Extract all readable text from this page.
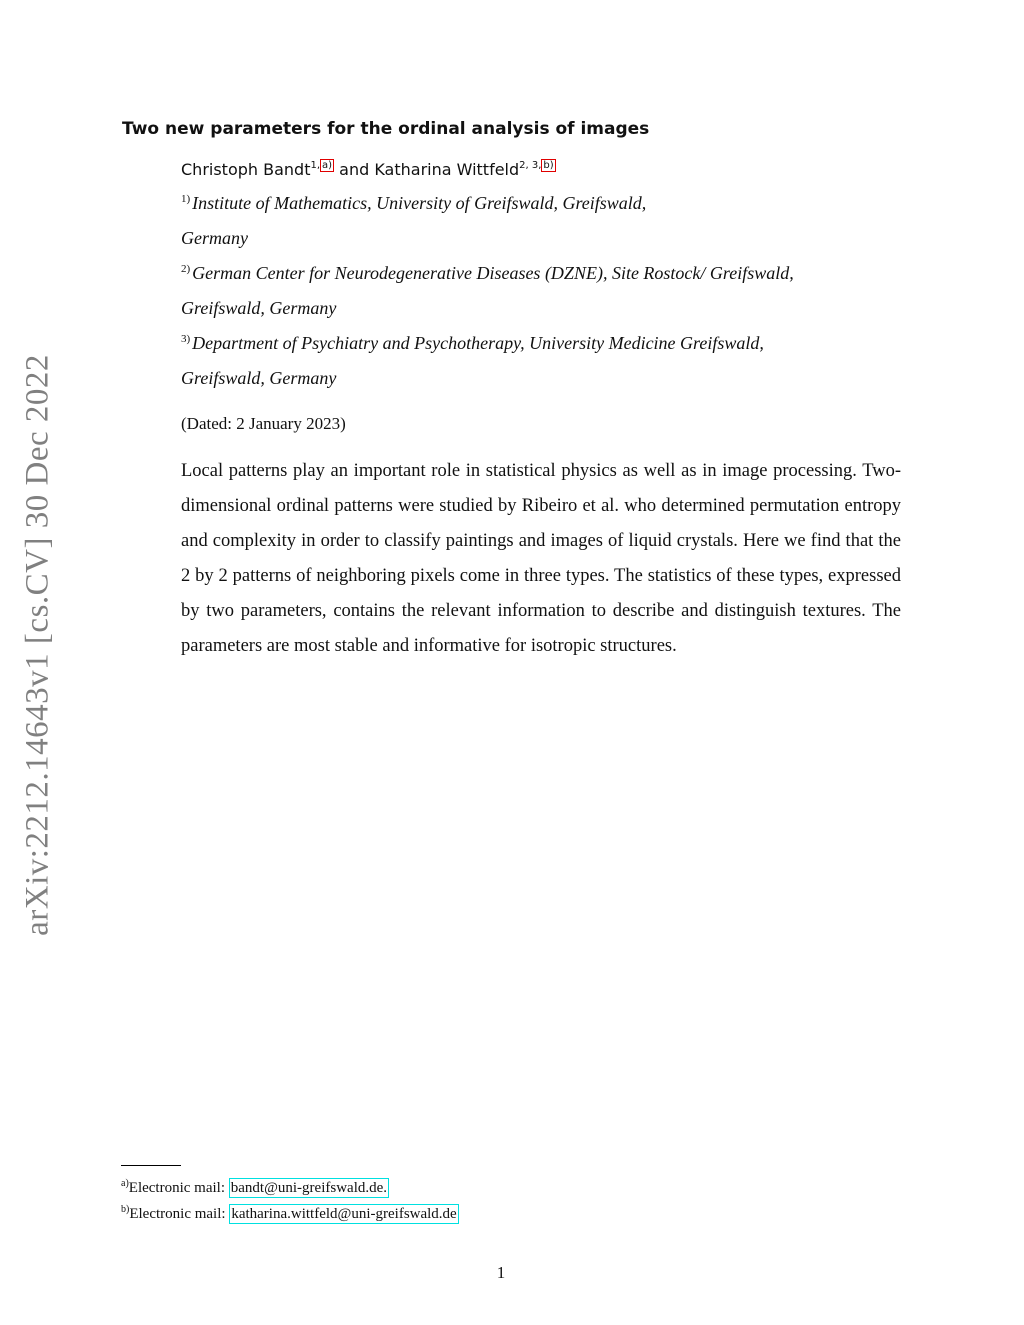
arXiv:2212.14643v1 [cs.CV] 30 Dec 2022
Two new parameters for the ordinal analysis of images
Christoph Bandt$^{1, a)}$ and Katharina Wittfeld$^{2, 3, b)}$
$^{1)}$ Institute of Mathematics, University of Greifswald, Greifswald,
Germany
$^{2)}$ German Center for Neurodegenerative Diseases (DZNE), Site Rostock/ Greifswald,
Greifswald, Germany
$^{3)}$ Department of Psychiatry and Psychotherapy, University Medicine Greifswald,
Greifswald, Germany
(Dated: 2 January 2023)
Local patterns play an important role in statistical physics as well as in image processing. Two-dimensional ordinal patterns were studied by Ribeiro et al. who determined permutation entropy and complexity in order to classify paintings and images of liquid crystals. Here we find that the 2 by 2 patterns of neighboring pixels come in three types. The statistics of these types, expressed by two parameters, contains the relevant information to describe and distinguish textures. The parameters are most stable and informative for isotropic structures.
$^{a)}$Electronic mail: bandt@uni-greifswald.de.
$^{b)}$Electronic mail: katharina.wittfeld@uni-greifswald.de
1
